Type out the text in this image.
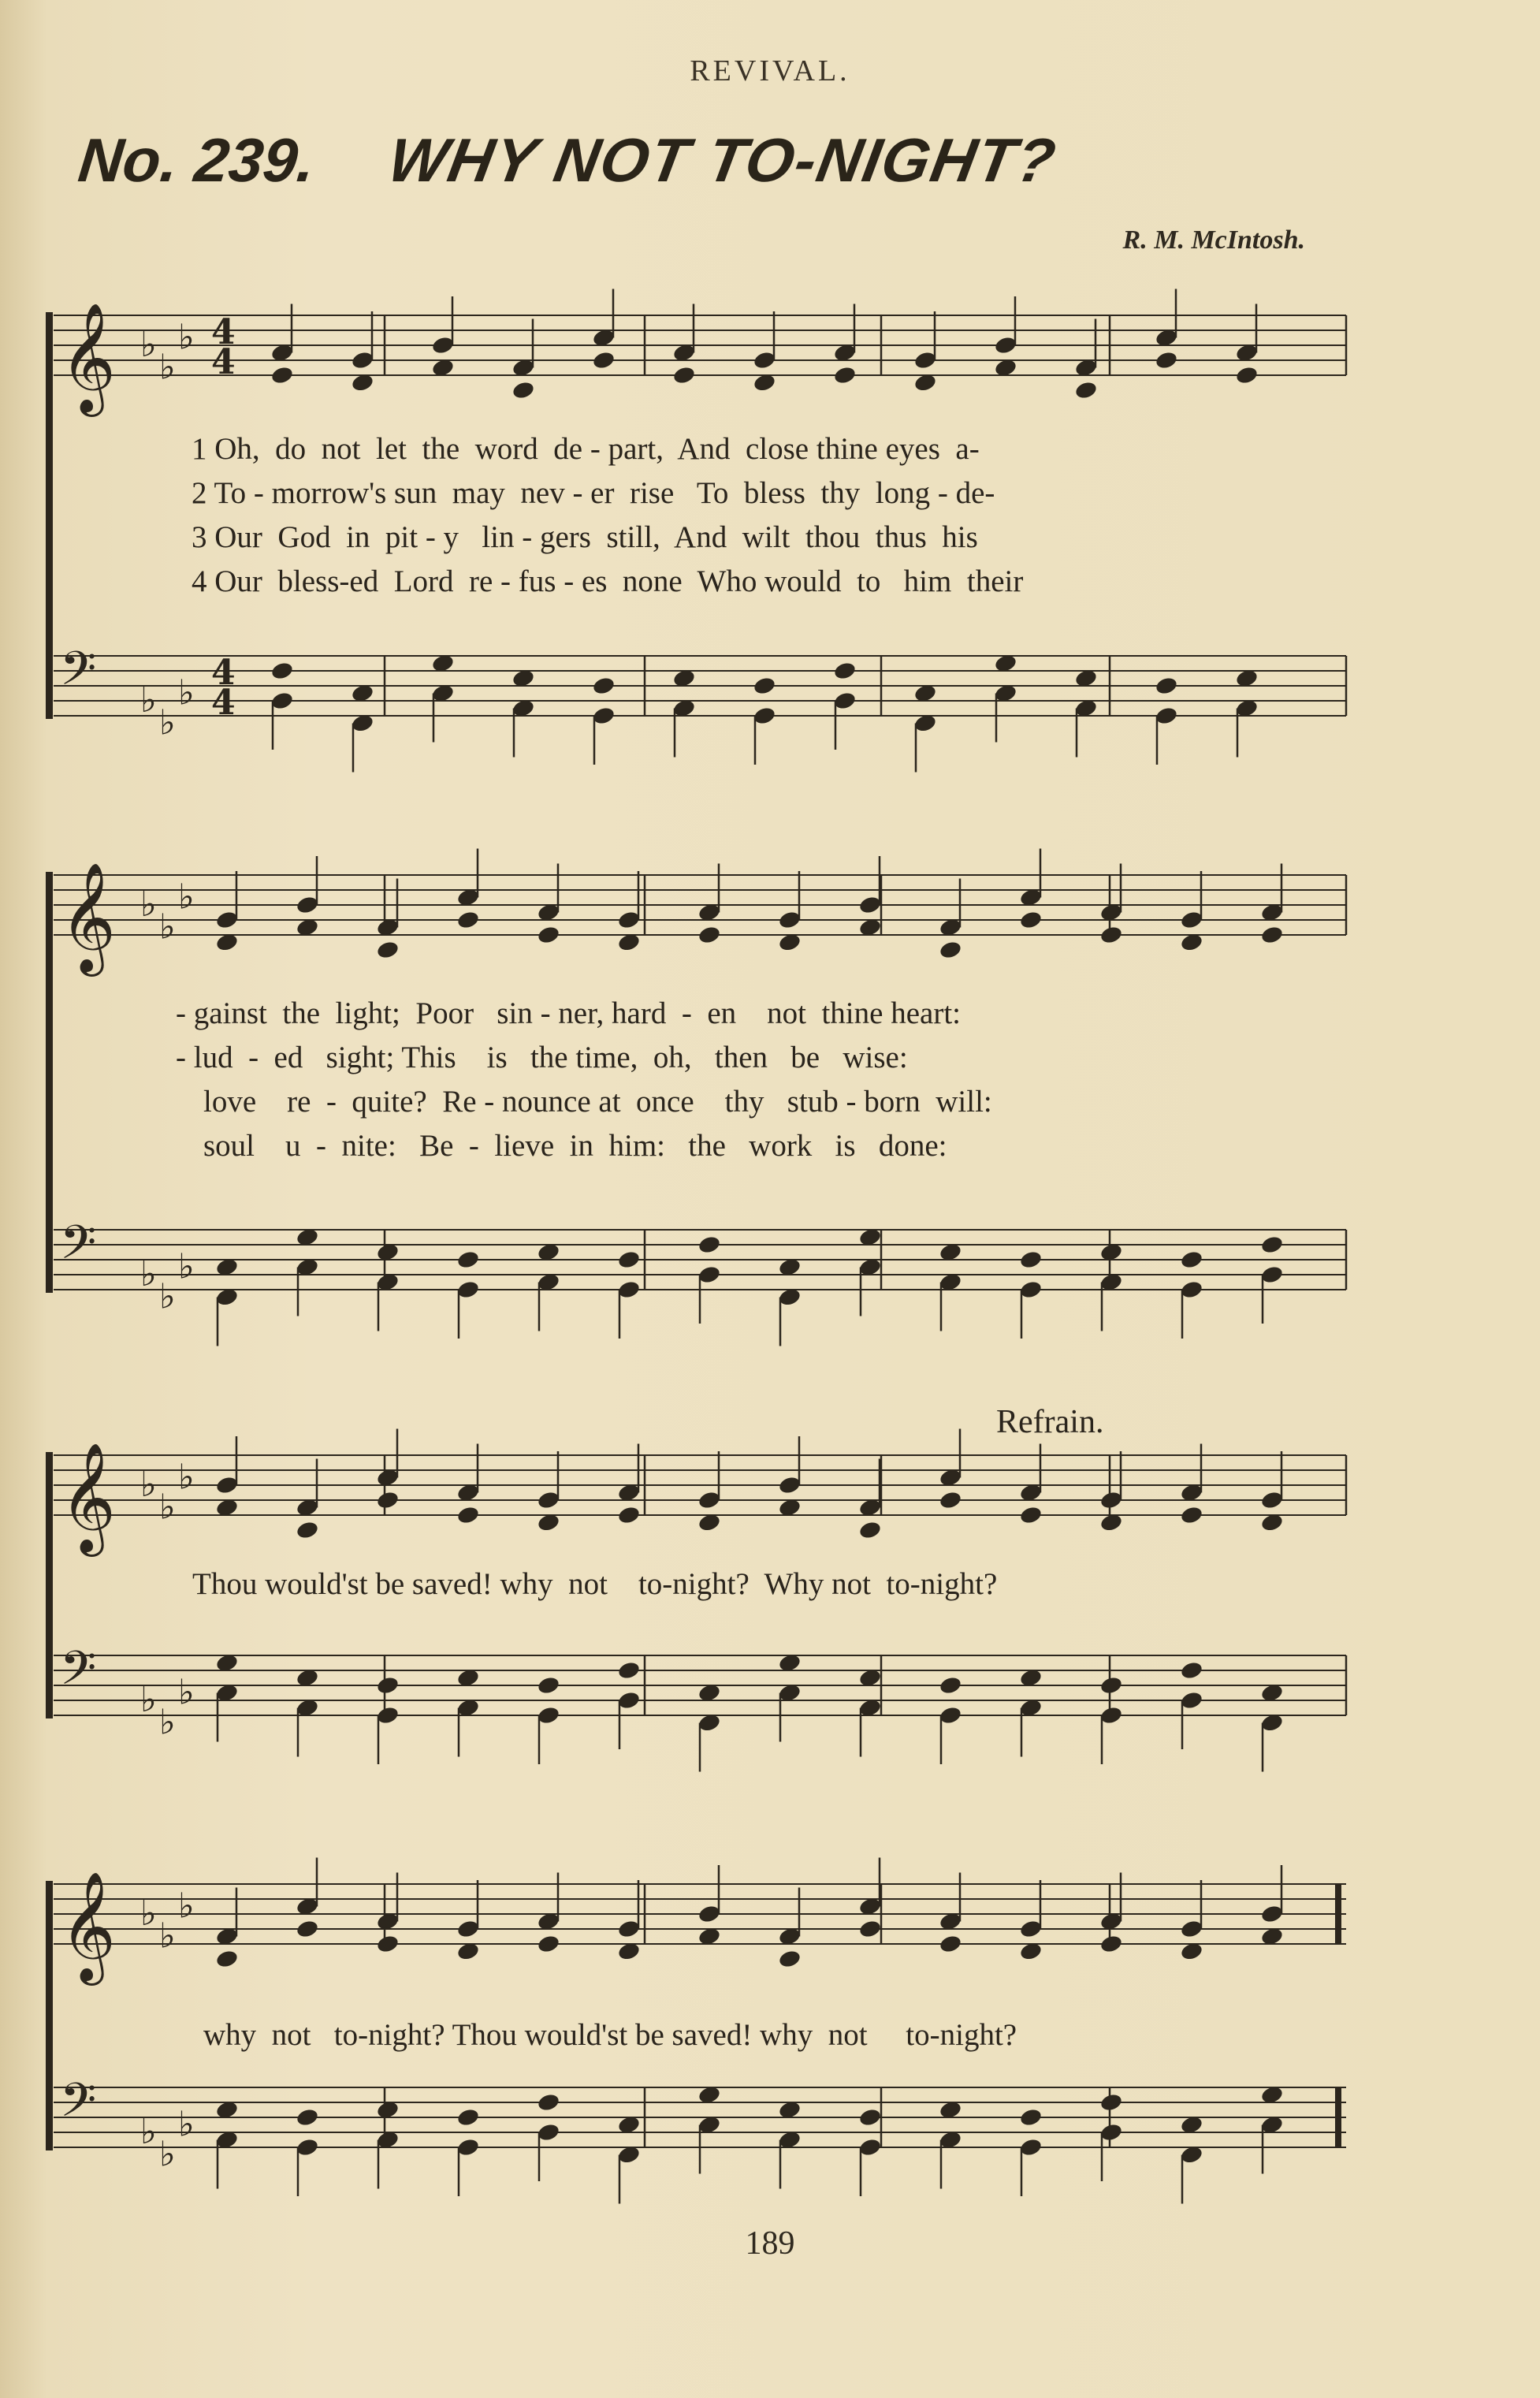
REVIVAL.
No. 239. WHY NOT TO-NIGHT?
R. M. McIntosh.
𝄞 ♭
♭
♭ 4
4
𝄢 ♭
♭
♭ 4
4
1 Oh,  do  not  let  the  word  de - part,  And  close thine eyes  a-
2 To - morrow's sun  may  nev - er  rise   To  bless  thy  long - de-
3 Our  God  in  pit - y   lin - gers  still,  And  wilt  thou  thus  his
4 Our  bless-ed  Lord  re - fus - es  none  Who would  to   him  their
𝄞 ♭
♭
♭
𝄢 ♭
♭
♭
- gainst  the  light;  Poor   sin - ner, hard  -  en    not  thine heart:
- lud  -  ed   sight; This    is   the time,  oh,   then   be   wise:
love    re  -  quite?  Re - nounce at  once    thy   stub - born  will:
soul    u  -  nite:   Be  -  lieve  in  him:   the   work   is   done:
𝄞 ♭
♭
♭
𝄢 ♭
♭
♭
Refrain.
Thou would'st be saved! why  not    to-night?  Why not  to-night?
𝄞 ♭
♭
♭
𝄢 ♭
♭
♭
why  not   to-night? Thou would'st be saved! why  not     to-night?
189
